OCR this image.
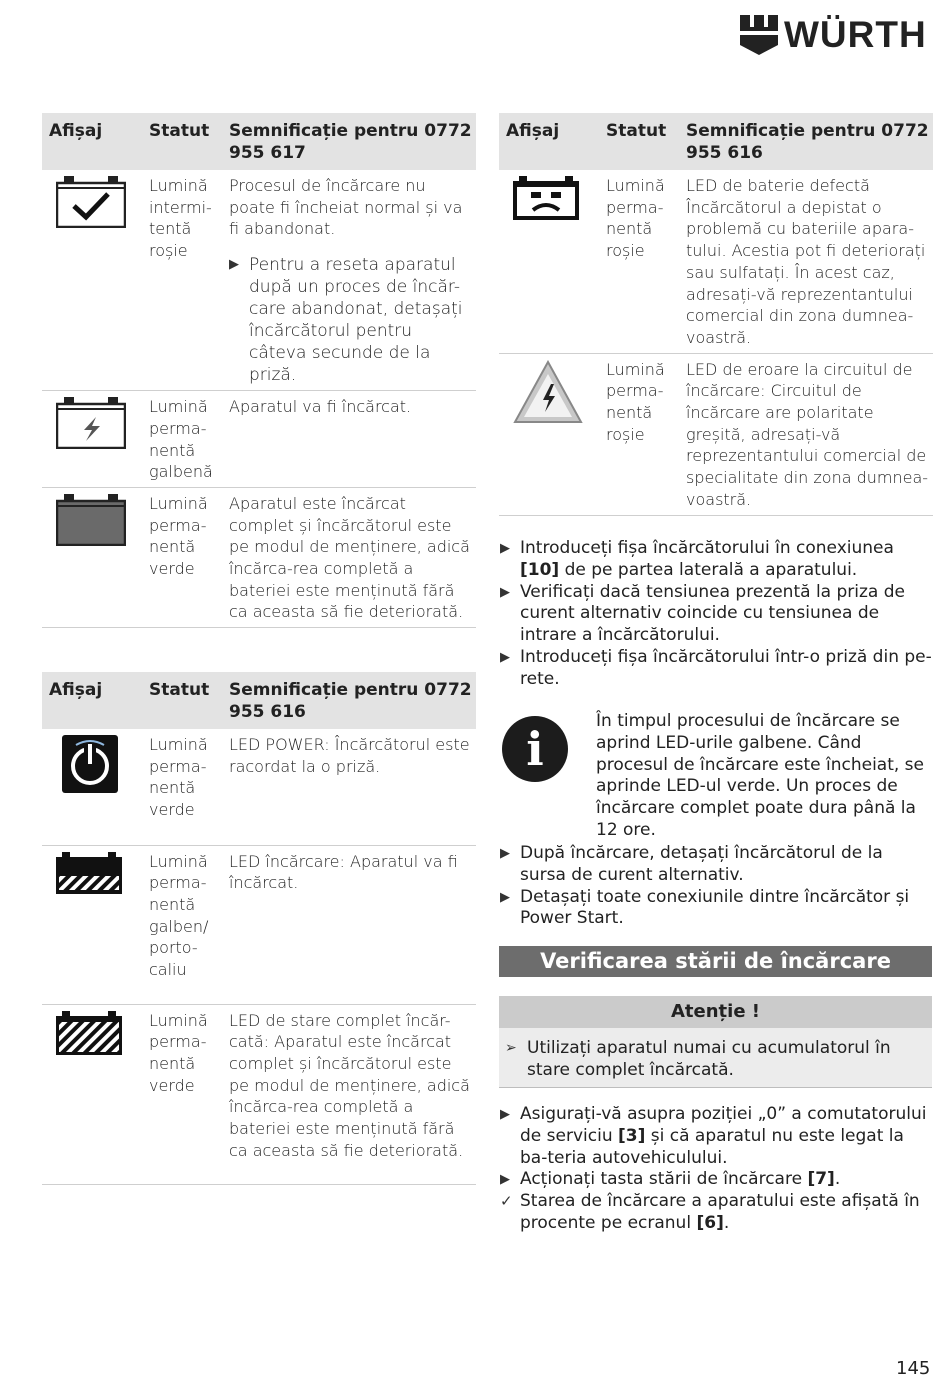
WÜRTH
Afișaj	Statut	Semnificație pentru 0772 955 617
	Lumină intermi-tentă roșie	Procesul de încărcare nu poate fi încheiat normal și va fi abandonat.
▶ Pentru a reseta aparatul după un proces de încăr-care abandonat, detașați încărcătorul pentru câteva secunde de la priză.

	Lumină perma-nentă galbenă	Aparatul va fi încărcat.
	Lumină perma-nentă verde	Aparatul este încărcat complet și încărcătorul este pe modul de menținere, adică încărca-rea completă a bateriei este menținută fără ca aceasta să fie deteriorată.
Afișaj	Statut	Semnificație pentru 0772 955 616
	Lumină perma-nentă verde	LED POWER: Încărcătorul este racordat la o priză.
	Lumină perma-nentă galben/ porto-caliu	LED încărcare: Aparatul va fi încărcat.
	Lumină perma-nentă verde	LED de stare complet încăr-cată: Aparatul este încărcat complet și încărcătorul este pe modul de menținere, adică încărca-rea completă a bateriei este menținută fără ca aceasta să fie deteriorată.
Afișaj	Statut	Semnificație pentru 0772 955 616
	Lumină perma-nentă roșie	LED de baterie defectă Încărcătorul a depistat o problemă cu bateriile apara-tului. Acestia pot fi deteriorați sau sulfatați. În acest caz, adresați-vă reprezentantului comercial din zona dumnea-voastră.
	Lumină perma-nentă roșie	LED de eroare la circuitul de încărcare: Circuitul de încărcare are polaritate greșită, adresați-vă reprezentantului comercial de specialitate din zona dumnea-voastră.
▶ Introduceți fișa încărcătorului în conexiunea [10] de pe partea laterală a aparatului.
▶ Verificați dacă tensiunea prezentă la priza de curent alternativ coincide cu tensiunea de intrare a încărcătorului.
▶ Introduceți fișa încărcătorului într-o priză din pe-rete.
i
În timpul procesului de încărcare se aprind LED-urile galbene. Când procesul de încărcare este încheiat, se aprinde LED-ul verde. Un proces de încărcare complet poate dura până la 12 ore.
▶ După încărcare, detașați încărcătorul de la sursa de curent alternativ.
▶ Detașați toate conexiunile dintre încărcător și Power Start.
Verificarea stării de încărcare
Atenție !
➢ Utilizați aparatul numai cu acumulatorul în stare complet încărcată.
▶ Asigurați-vă asupra poziției „0” a comutatorului de serviciu [3] și că aparatul nu este legat la ba-teria autovehiculului.
▶ Acționați tasta stării de încărcare [7].
✓ Starea de încărcare a aparatului este afișată în procente pe ecranul [6].
145
